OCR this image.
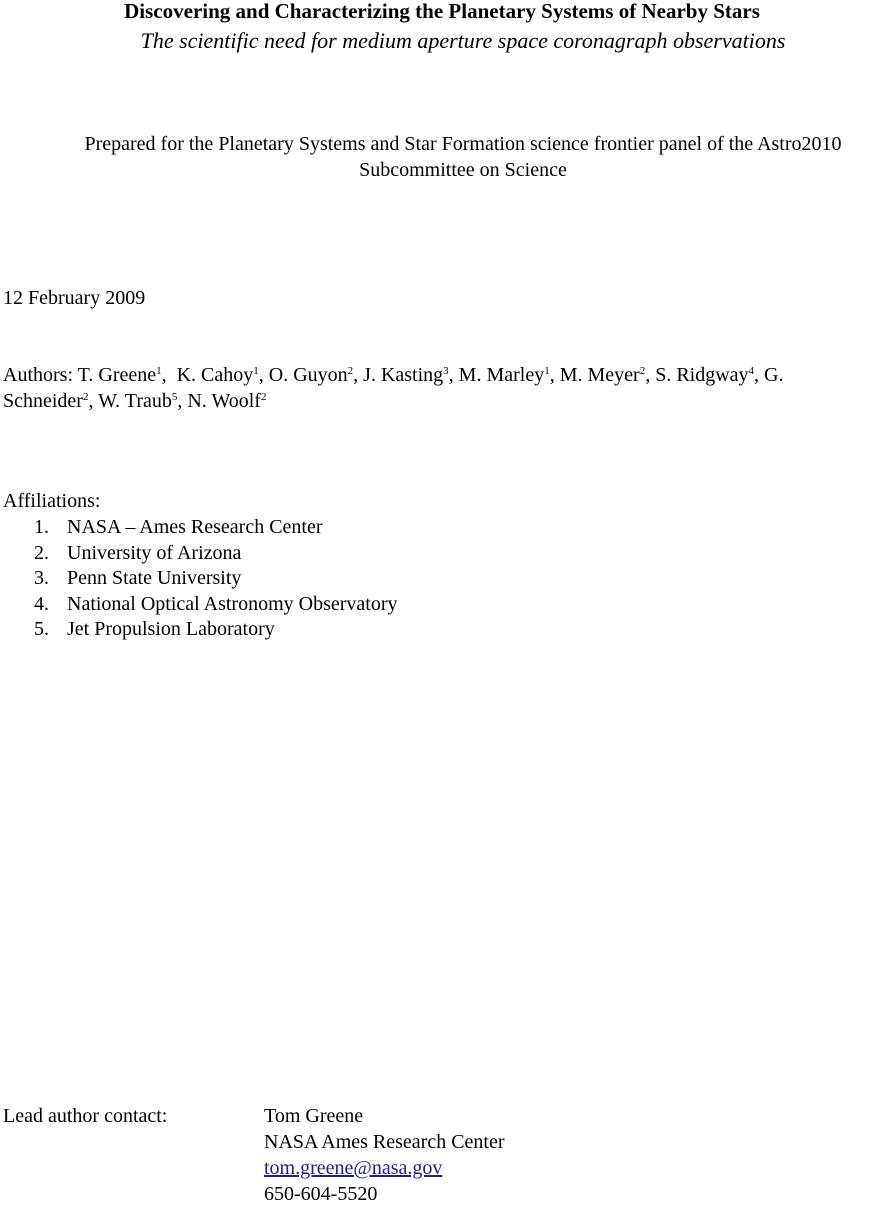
Discovering and Characterizing the Planetary Systems of Nearby Stars
The scientific need for medium aperture space coronagraph observations
Prepared for the Planetary Systems and Star Formation science frontier panel of the Astro2010
Subcommittee on Science
12 February 2009
Authors: T. Greene$^1$,  K. Cahoy$^1$, O. Guyon$^2$, J. Kasting$^3$, M. Marley$^1$, M. Meyer$^2$, S. Ridgway$^4$, G.
Schneider$^2$, W. Traub$^5$, N. Woolf$^2$
Affiliations:
1. NASA – Ames Research Center
2. University of Arizona
3. Penn State University
4. National Optical Astronomy Observatory
5. Jet Propulsion Laboratory
Lead author contact:	Tom Greene
NASA Ames Research Center
tom.greene@nasa.gov
650-604-5520
